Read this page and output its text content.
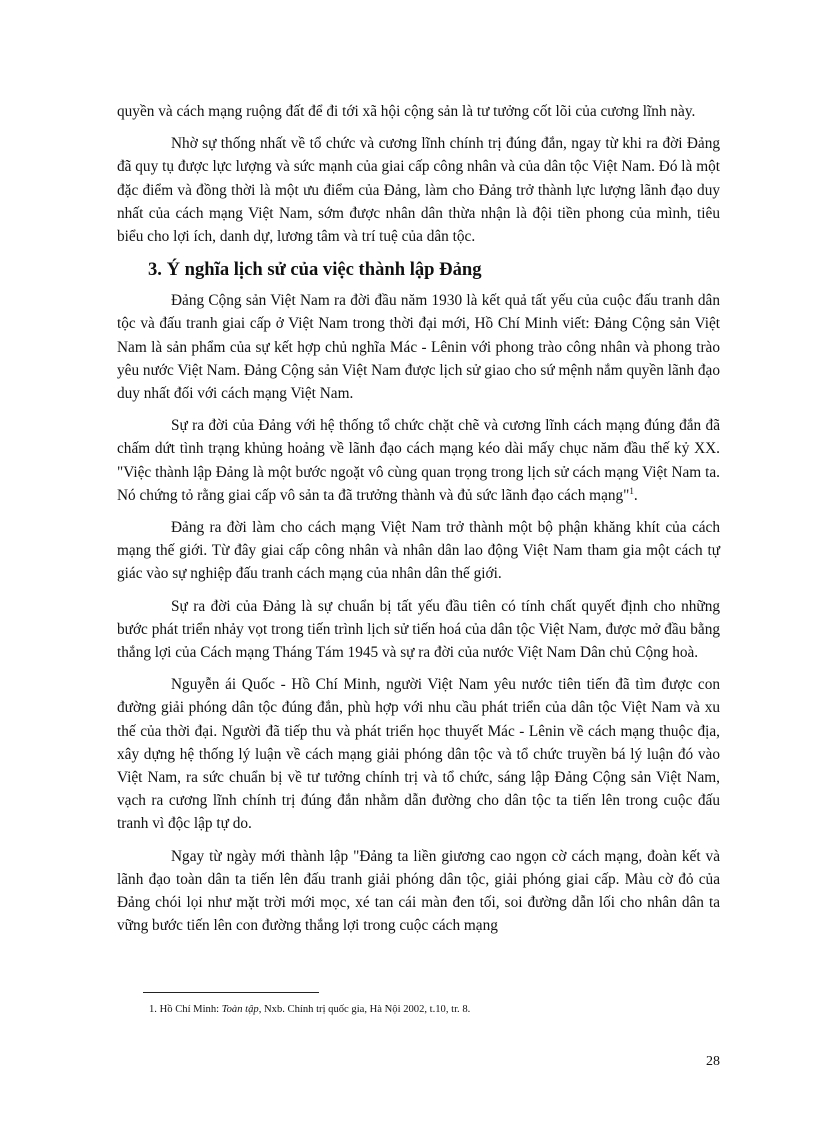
quyền và cách mạng ruộng đất để đi tới xã hội cộng sản là tư tưởng cốt lõi của cương lĩnh này.

Nhờ sự thống nhất về tổ chức và cương lĩnh chính trị đúng đắn, ngay từ khi ra đời Đảng đã quy tụ được lực lượng và sức mạnh của giai cấp công nhân và của dân tộc Việt Nam. Đó là một đặc điểm và đồng thời là một ưu điểm của Đảng, làm cho Đảng trở thành lực lượng lãnh đạo duy nhất của cách mạng Việt Nam, sớm được nhân dân thừa nhận là đội tiền phong của mình, tiêu biểu cho lợi ích, danh dự, lương tâm và trí tuệ của dân tộc.

3. Ý nghĩa lịch sử của việc thành lập Đảng

Đảng Cộng sản Việt Nam ra đời đầu năm 1930 là kết quả tất yếu của cuộc đấu tranh dân tộc và đấu tranh giai cấp ở Việt Nam trong thời đại mới, Hồ Chí Minh viết: Đảng Cộng sản Việt Nam là sản phẩm của sự kết hợp chủ nghĩa Mác - Lênin với phong trào công nhân và phong trào yêu nước Việt Nam. Đảng Cộng sản Việt Nam được lịch sử giao cho sứ mệnh nắm quyền lãnh đạo duy nhất đối với cách mạng Việt Nam.

Sự ra đời của Đảng với hệ thống tổ chức chặt chẽ và cương lĩnh cách mạng đúng đắn đã chấm dứt tình trạng khủng hoảng về lãnh đạo cách mạng kéo dài mấy chục năm đầu thế kỷ XX. "Việc thành lập Đảng là một bước ngoặt vô cùng quan trọng trong lịch sử cách mạng Việt Nam ta. Nó chứng tỏ rằng giai cấp vô sản ta đã trưởng thành và đủ sức lãnh đạo cách mạng"$^1$.

Đảng ra đời làm cho cách mạng Việt Nam trở thành một bộ phận khăng khít của cách mạng thế giới. Từ đây giai cấp công nhân và nhân dân lao động Việt Nam tham gia một cách tự giác vào sự nghiệp đấu tranh cách mạng của nhân dân thế giới.

Sự ra đời của Đảng là sự chuẩn bị tất yếu đầu tiên có tính chất quyết định cho những bước phát triển nhảy vọt trong tiến trình lịch sử tiến hoá của dân tộc Việt Nam, được mở đầu bằng thắng lợi của Cách mạng Tháng Tám 1945 và sự ra đời của nước Việt Nam Dân chủ Cộng hoà.

Nguyễn ái Quốc - Hồ Chí Minh, người Việt Nam yêu nước tiên tiến đã tìm được con đường giải phóng dân tộc đúng đắn, phù hợp với nhu cầu phát triển của dân tộc Việt Nam và xu thế của thời đại. Người đã tiếp thu và phát triển học thuyết Mác - Lênin về cách mạng thuộc địa, xây dựng hệ thống lý luận về cách mạng giải phóng dân tộc và tổ chức truyền bá lý luận đó vào Việt Nam, ra sức chuẩn bị về tư tưởng chính trị và tổ chức, sáng lập Đảng Cộng sản Việt Nam, vạch ra cương lĩnh chính trị đúng đắn nhằm dẫn đường cho dân tộc ta tiến lên trong cuộc đấu tranh vì độc lập tự do.

Ngay từ ngày mới thành lập "Đảng ta liền giương cao ngọn cờ cách mạng, đoàn kết và lãnh đạo toàn dân ta tiến lên đấu tranh giải phóng dân tộc, giải phóng giai cấp. Màu cờ đỏ của Đảng chói lọi như mặt trời mới mọc, xé tan cái màn đen tối, soi đường dẫn lối cho nhân dân ta vững bước tiến lên con đường thắng lợi trong cuộc cách mạng

1. Hồ Chí Minh: Toàn tập, Nxb. Chính trị quốc gia, Hà Nội 2002, t.10, tr. 8.
28
